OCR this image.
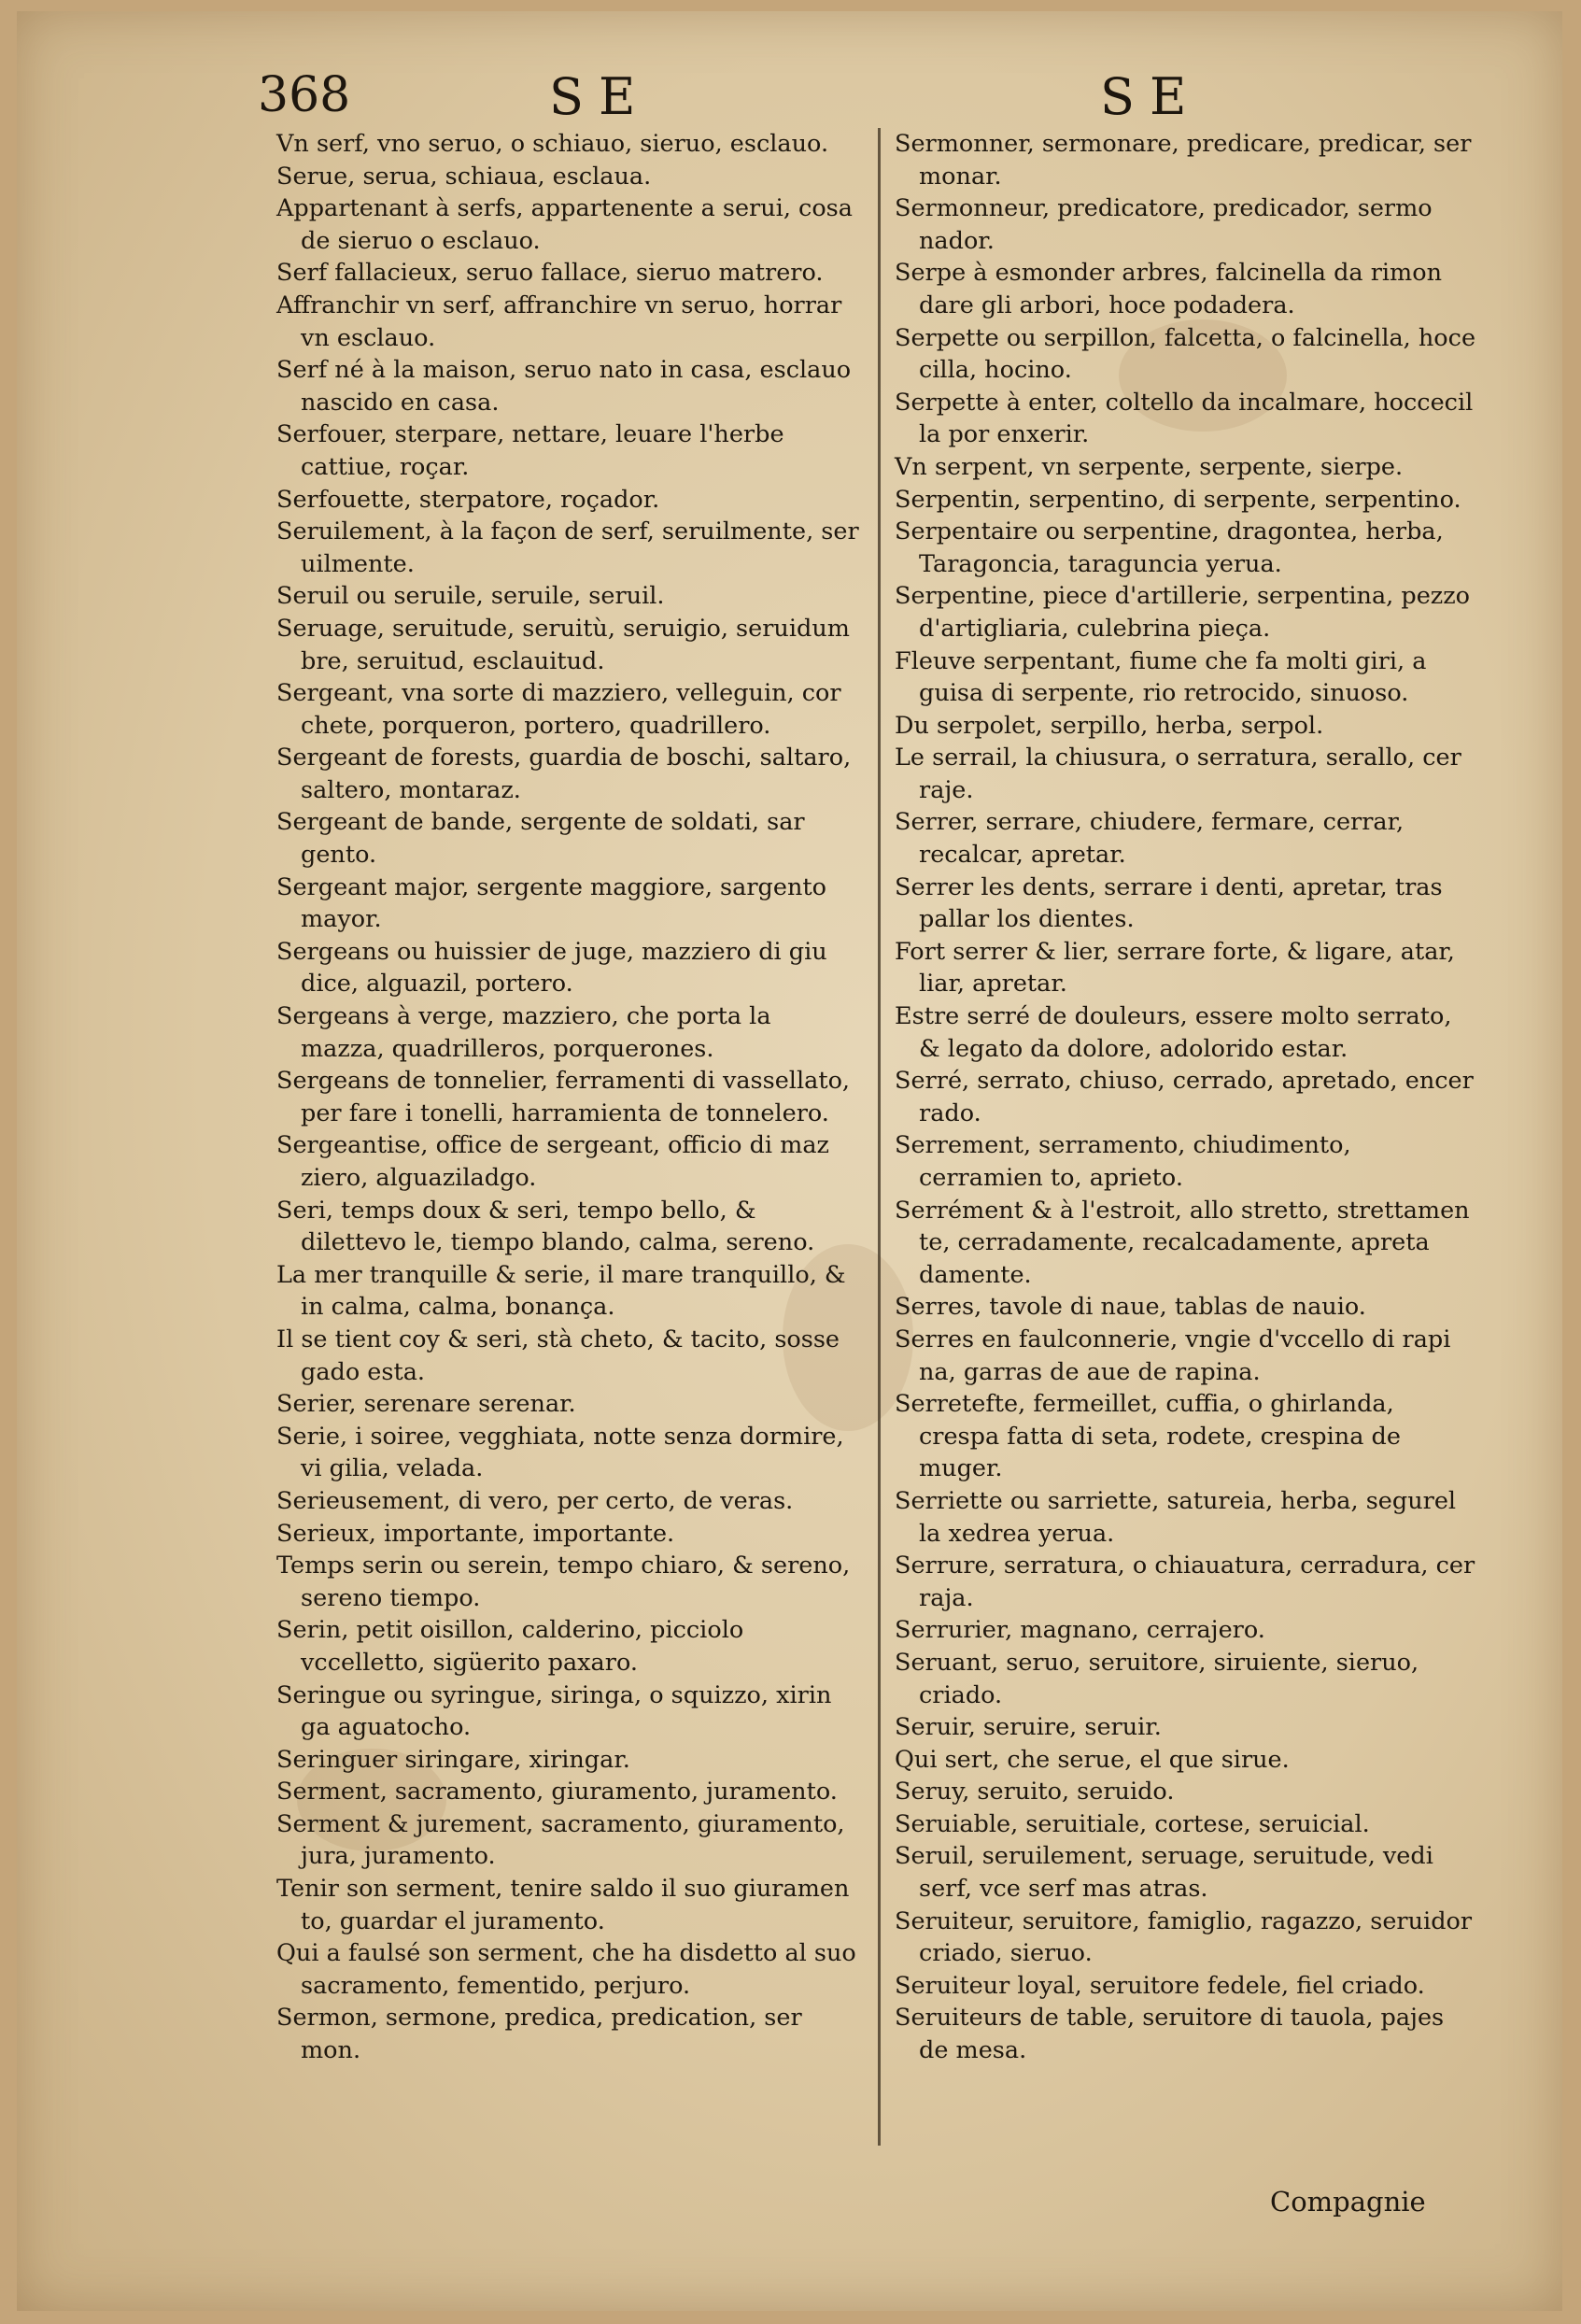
368	SE	SE
Vn serf, vno seruo, o schiauo, sieruo, esclauo.
Serue, serua, schiaua, esclaua.
Appartenant à serfs, appartenente a serui, cosa de sieruo o esclauo.
Serf fallacieux, seruo fallace, sieruo matrero.
Affranchir vn serf, affranchire vn seruo, horrar vn esclauo.
Serf né à la maison, seruo nato in casa, esclauo nascido en casa.
Serfouer, sterpare, nettare, leuare l'herbe cattiue, roçar.
Serfouette, sterpatore, roçador.
Seruilement, à la façon de serf, seruilmente, ser uilmente.
Seruil ou seruile, seruile, seruil.
Seruage, seruitude, seruitù, seruigio, seruidum bre, seruitud, esclauitud.
Sergeant, vna sorte di mazziero, velleguin, cor chete, porqueron, portero, quadrillero.
Sergeant de forests, guardia de boschi, saltaro, saltero, montaraz.
Sergeant de bande, sergente de soldati, sar gento.
Sergeant major, sergente maggiore, sargento mayor.
Sergeans ou huissier de juge, mazziero di giu dice, alguazil, portero.
Sergeans à verge, mazziero, che porta la mazza, quadrilleros, porquerones.
Sergeans de tonnelier, ferramenti di vassellato, per fare i tonelli, harramienta de tonnelero.
Sergeantise, office de sergeant, officio di maz ziero, alguaziladgo.
Seri, temps doux & seri, tempo bello, & dilettevo le, tiempo blando, calma, sereno.
La mer tranquille & serie, il mare tranquillo, & in calma, calma, bonança.
Il se tient coy & seri, stà cheto, & tacito, sosse gado esta.
Serier, serenare serenar.
Serie, i soiree, vegghiata, notte senza dormire, vi gilia, velada.
Serieusement, di vero, per certo, de veras.
Serieux, importante, importante.
Temps serin ou serein, tempo chiaro, & sereno, sereno tiempo.
Serin, petit oisillon, calderino, picciolo vccelletto, sigüerito paxaro.
Seringue ou syringue, siringa, o squizzo, xirin ga aguatocho.
Seringuer siringare, xiringar.
Serment, sacramento, giuramento, juramento.
Serment & jurement, sacramento, giuramento, jura, juramento.
Tenir son serment, tenire saldo il suo giuramen to, guardar el juramento.
Qui a faulsé son serment, che ha disdetto al suo sacramento, fementido, perjuro.
Sermon, sermone, predica, predication, ser mon.
Sermonner, sermonare, predicare, predicar, ser monar.
Sermonneur, predicatore, predicador, sermo nador.
Serpe à esmonder arbres, falcinella da rimon dare gli arbori, hoce podadera.
Serpette ou serpillon, falcetta, o falcinella, hoce cilla, hocino.
Serpette à enter, coltello da incalmare, hoccecil la por enxerir.
Vn serpent, vn serpente, serpente, sierpe.
Serpentin, serpentino, di serpente, serpentino.
Serpentaire ou serpentine, dragontea, herba, Taragoncia, taraguncia yerua.
Serpentine, piece d'artillerie, serpentina, pezzo d'artigliaria, culebrina pieça.
Fleuve serpentant, fiume che fa molti giri, a guisa di serpente, rio retrocido, sinuoso.
Du serpolet, serpillo, herba, serpol.
Le serrail, la chiusura, o serratura, serallo, cer raje.
Serrer, serrare, chiudere, fermare, cerrar, recalcar, apretar.
Serrer les dents, serrare i denti, apretar, tras pallar los dientes.
Fort serrer & lier, serrare forte, & ligare, atar, liar, apretar.
Estre serré de douleurs, essere molto serrato, & legato da dolore, adolorido estar.
Serré, serrato, chiuso, cerrado, apretado, encer rado.
Serrement, serramento, chiudimento, cerramien to, aprieto.
Serrément & à l'estroit, allo stretto, strettamen te, cerradamente, recalcadamente, apreta damente.
Serres, tavole di naue, tablas de nauio.
Serres en faulconnerie, vngie d'vccello di rapi na, garras de aue de rapina.
Serretefte, fermeillet, cuffia, o ghirlanda, crespa fatta di seta, rodete, crespina de muger.
Serriette ou sarriette, satureia, herba, segurel la xedrea yerua.
Serrure, serratura, o chiauatura, cerradura, cer raja.
Serrurier, magnano, cerrajero.
Seruant, seruo, seruitore, siruiente, sieruo, criado.
Seruir, seruire, seruir.
Qui sert, che serue, el que sirue.
Seruy, seruito, seruido.
Seruiable, seruitiale, cortese, seruicial.
Seruil, seruilement, seruage, seruitude, vedi serf, vce serf mas atras.
Seruiteur, seruitore, famiglio, ragazzo, seruidor criado, sieruo.
Seruiteur loyal, seruitore fedele, fiel criado.
Seruiteurs de table, seruitore di tauola, pajes de mesa.
Compagnie
